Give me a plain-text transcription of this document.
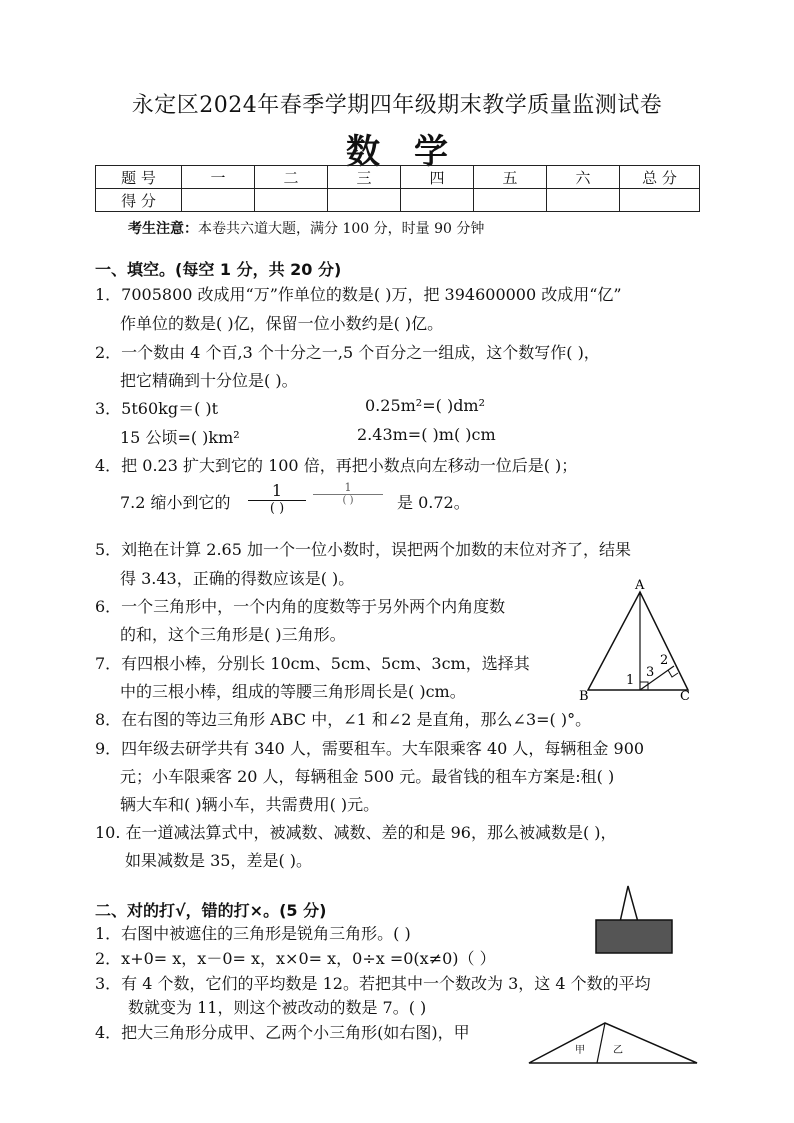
永定区2024年春季学期四年级期末教学质量监测试卷
数学
题 号	一	二	三	四	五	六	总 分
得 分							
考生注意：本卷共六道大题，满分 100 分，时量 90 分钟
一、填空。(每空 1 分，共 20 分)
1．7005800 改成用“万”作单位的数是( )万，把 394600000 改成用“亿”
作单位的数是( )亿，保留一位小数约是( )亿。
2．一个数由 4 个百,3 个十分之一,5 个百分之一组成，这个数写作( )，
把它精确到十分位是( )。
3．5t60kg＝( )t	0.25m²=( )dm²
15 公顷=( )km²	2.43m=( )m( )cm
4．把 0.23 扩大到它的 100 倍，再把小数点向左移动一位后是( )；
7.2 缩小到它的
1
( )
1
( )	是 0.72。
5．刘艳在计算 2.65 加一个一位小数时，误把两个加数的末位对齐了，结果
得 3.43，正确的得数应该是( )。
6．一个三角形中，一个内角的度数等于另外两个内角度数
的和，这个三角形是( )三角形。
7．有四根小棒，分别长 10cm、5cm、5cm、3cm，选择其
中的三根小棒，组成的等腰三角形周长是( )cm。
8．在右图的等边三角形 ABC 中，∠1 和∠2 是直角，那么∠3=( )°。
9．四年级去研学共有 340 人，需要租车。大车限乘客 40 人，每辆租金 900
元；小车限乘客 20 人，每辆租金 500 元。最省钱的租车方案是:租( )
辆大车和( )辆小车，共需费用( )元。
10. 在一道减法算式中，被减数、减数、差的和是 96，那么被减数是( )，
如果减数是 35，差是( )。
A
B	C
1
2
3
二、对的打√，错的打×。(5 分)
1．右图中被遮住的三角形是锐角三角形。( )
2．x+0= x，x－0= x，x×0= x，0÷x =0(x≠0)（ ）
3．有 4 个数，它们的平均数是 12。若把其中一个数改为 3，这 4 个数的平均
数就变为 11，则这个被改动的数是 7。( )
4．把大三角形分成甲、乙两个小三角形(如右图)，甲
甲	乙
